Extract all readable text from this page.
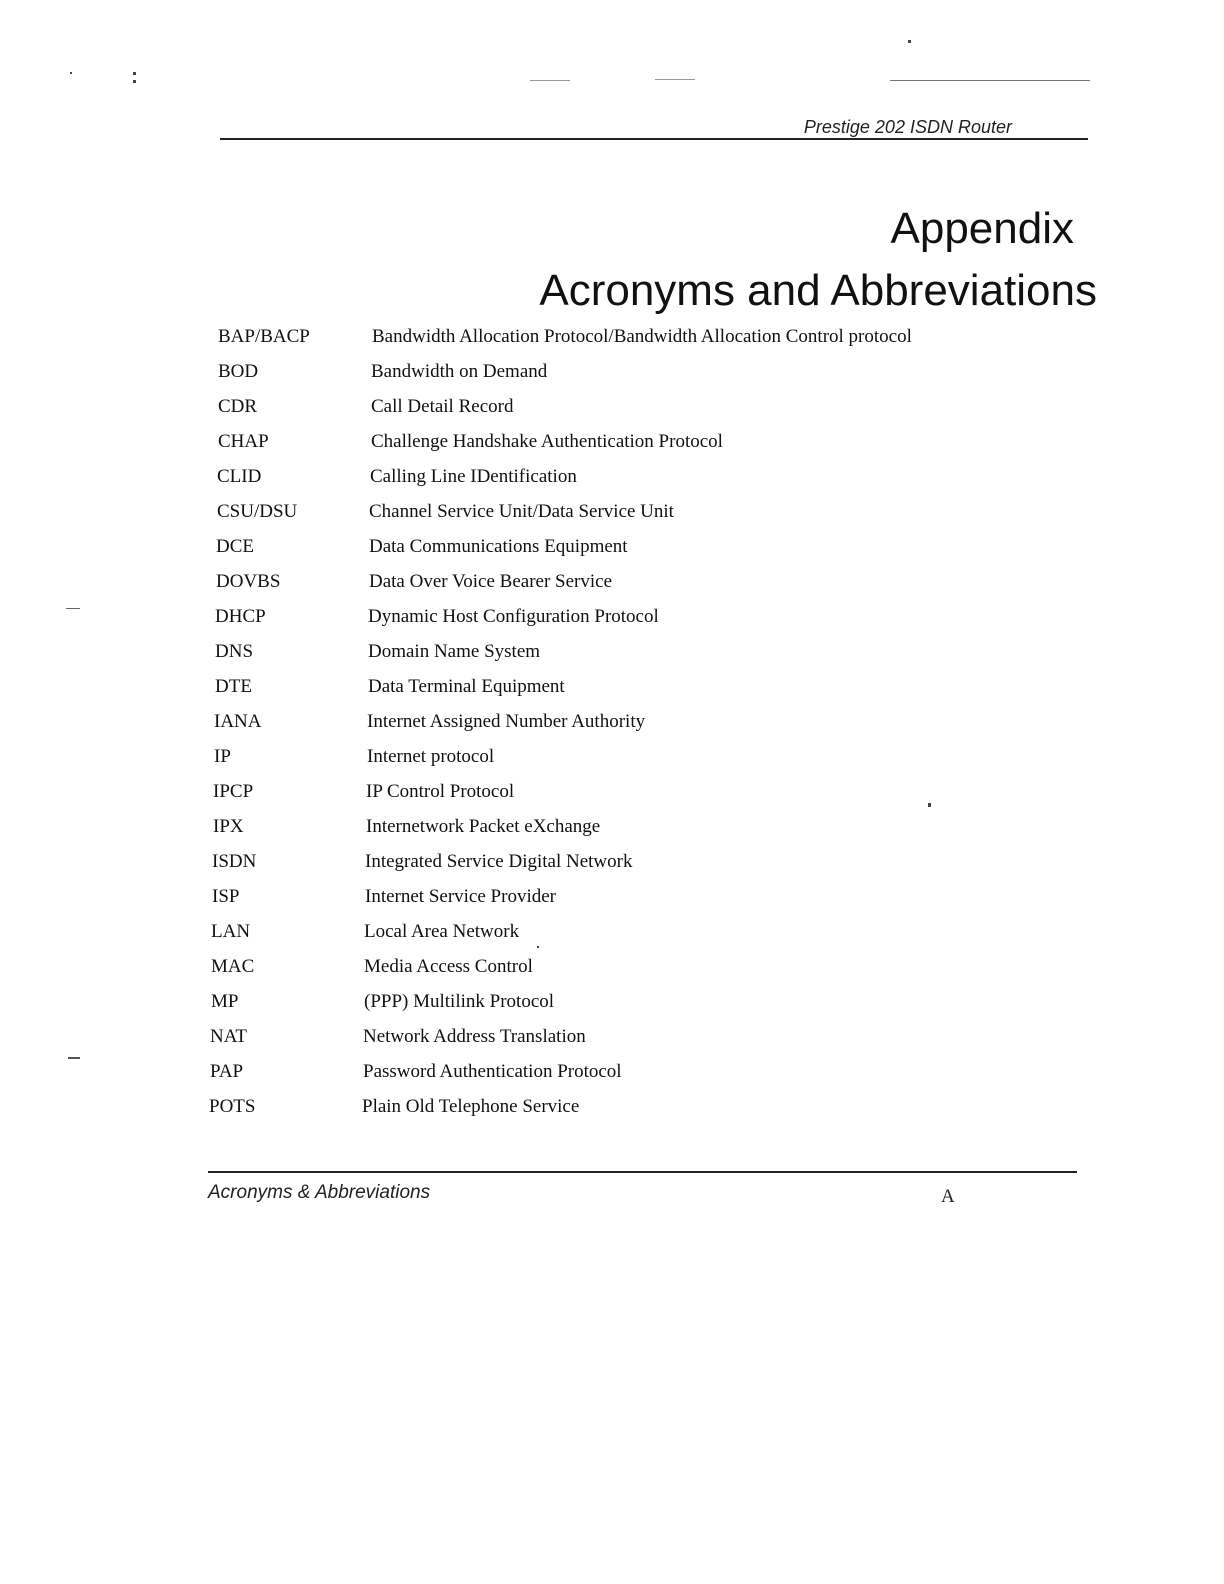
Prestige 202 ISDN Router
Appendix
Acronyms and Abbreviations
BAP/BACP	Bandwidth Allocation Protocol/Bandwidth Allocation Control protocol
BOD	Bandwidth on Demand
CDR	Call Detail Record
CHAP	Challenge Handshake Authentication Protocol
CLID	Calling Line IDentification
CSU/DSU	Channel Service Unit/Data Service Unit
DCE	Data Communications Equipment
DOVBS	Data Over Voice Bearer Service
DHCP	Dynamic Host Configuration Protocol
DNS	Domain Name System
DTE	Data Terminal Equipment
IANA	Internet Assigned Number Authority
IP	Internet protocol
IPCP	IP Control Protocol
IPX	Internetwork Packet eXchange
ISDN	Integrated Service Digital Network
ISP	Internet Service Provider
LAN	Local Area Network
MAC	Media Access Control
MP	(PPP) Multilink Protocol
NAT	Network Address Translation
PAP	Password Authentication Protocol
POTS	Plain Old Telephone Service
Acronyms & Abbreviations	A
